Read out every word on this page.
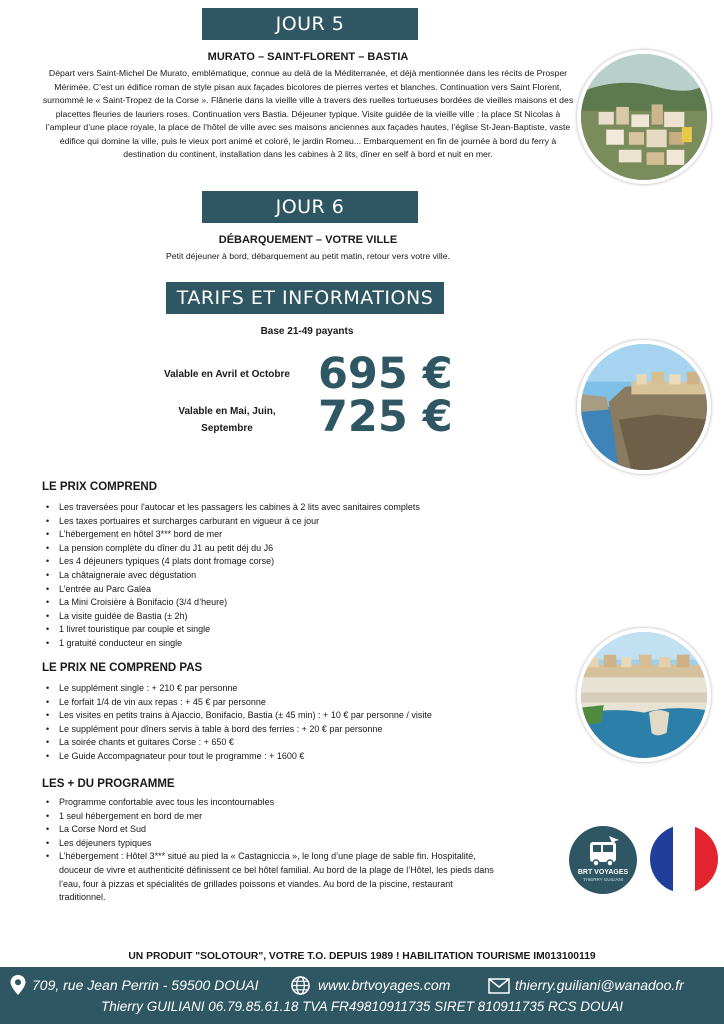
JOUR 5
MURATO – SAINT-FLORENT – BASTIA

Départ vers Saint-Michel De Murato, emblématique, connue au delà de la Méditerranée, et déjà mentionnée dans les récits de Prosper Mérimée. C’est un édifice roman de style pisan aux façades bicolores de pierres vertes et blanches. Continuation vers Saint Florent, surnommé le « Saint-Tropez de la Corse ». Flânerie dans la vieille ville à travers des ruelles tortueuses bordées de vieilles maisons et des placettes fleuries de lauriers roses. Continuation vers Bastia. Déjeuner typique. Visite guidée de la vieille ville : la place St Nicolas à l’ampleur d’une place royale, la place de l’hôtel de ville avec ses maisons anciennes aux façades hautes, l’église St-Jean-Baptiste, vaste édifice qui domine la ville, puis le vieux port animé et coloré, le jardin Romeu... Embarquement en fin de journée à bord du ferry à destination du continent, installation dans les cabines à 2 lits, dîner en self à bord et nuit en mer.

JOUR 6
DÉBARQUEMENT – VOTRE VILLE

Petit déjeuner à bord, débarquement au petit matin, retour vers votre ville.

TARIFS ET INFORMATIONS
Base 21-49 payants
Valable en Avril et Octobre 695 €
Valable en Mai, Juin, Septembre	725 €
LE PRIX COMPREND
• Les traversées pour l'autocar et les passagers les cabines à 2 lits avec sanitaires complets
• Les taxes portuaires et surcharges carburant en vigueur à ce jour
• L’hébergement en hôtel 3*** bord de mer
• La pension complète du dîner du J1 au petit déj du J6
• Les 4 déjeuners typiques (4 plats dont fromage corse)
• La châtaigneraie avec dégustation
• L’entrée au Parc Galéa
• La Mini Croisière à Bonifacio (3/4 d’heure)
• La visite guidée de Bastia (± 2h)
• 1 livret touristique par couple et single
• 1 gratuité conducteur en single
LE PRIX NE COMPREND PAS
• Le supplément single : + 210 € par personne
• Le forfait 1/4 de vin aux repas : + 45 € par personne
• Les visites en petits trains à Ajaccio, Bonifacio, Bastia (± 45 min) : + 10 € par personne / visite
• Le supplément pour dîners servis à table à bord des ferries : + 20 € par personne
• La soirée chants et guitares Corse : + 650 €
• Le Guide Accompagnateur pour tout le programme : + 1600 €
LES + DU PROGRAMME
• Programme confortable avec tous les incontournables
• 1 seul hébergement en bord de mer
• La Corse Nord et Sud
• Les déjeuners typiques
• L’hébergement : Hôtel 3*** situé au pied la « Castagniccia », le long d’une plage de sable fin. Hospitalité, douceur de vivre et authenticité définissent ce bel hôtel familial. Au bord de la plage de l’Hôtel, les pieds dans l’eau, four à pizzas et spécialités de grillades poissons et viandes. Au bord de la piscine, restaurant traditionnel.
BRT VOYAGES
THIERRY GUILIANI
UN PRODUIT "SOLOTOUR", VOTRE T.O. DEPUIS 1989 ! HABILITATION TOURISME IM013100119
709, rue Jean Perrin - 59500 DOUAI	www.brtvoyages.com	thierry.guiliani@wanadoo.fr
Thierry GUILIANI 06.79.85.61.18 TVA FR49810911735 SIRET 810911735 RCS DOUAI
